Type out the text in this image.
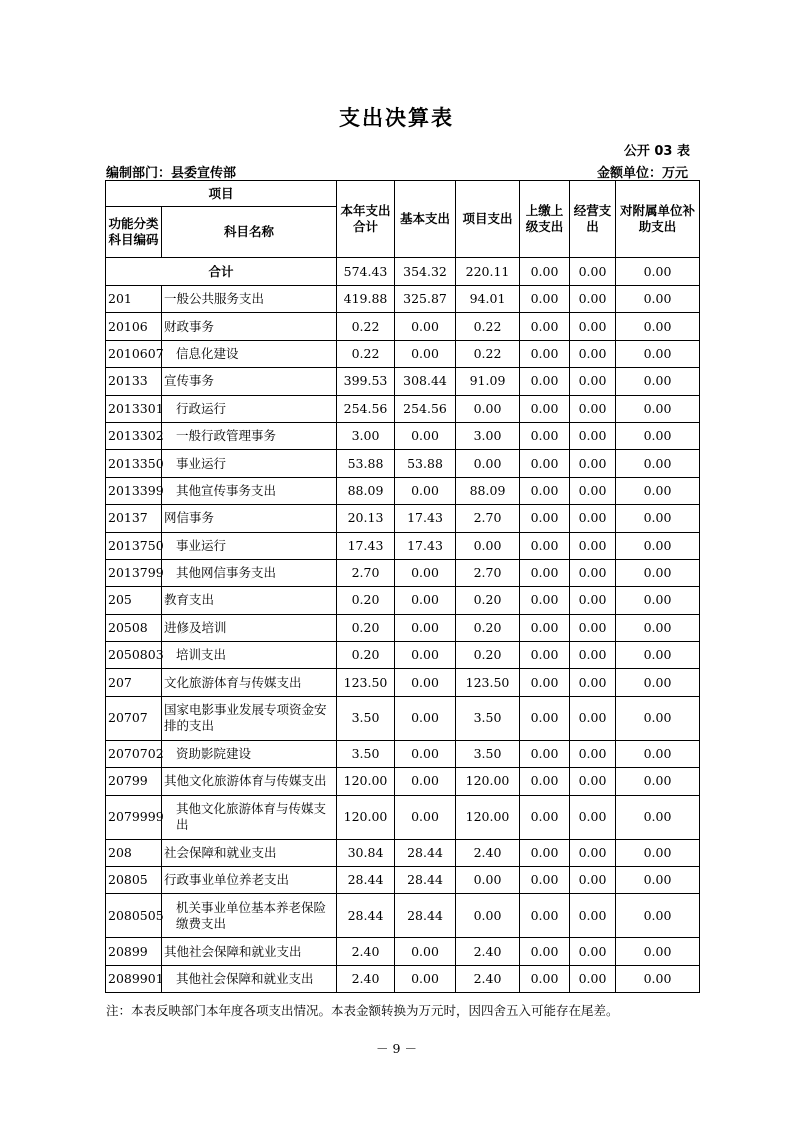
支出决算表
公开 03 表
编制部门：县委宣传部	金额单位：万元
项目		本年支出合计	基本支出	项目支出	上缴上级支出	经营支出	对附属单位补助支出
功能分类科目编码	科目名称						
合计		574.43	354.32	220.11	0.00	0.00	0.00
201	一般公共服务支出	419.88	325.87	94.01	0.00	0.00	0.00
20106	财政事务	0.22	0.00	0.22	0.00	0.00	0.00
2010607	信息化建设	0.22	0.00	0.22	0.00	0.00	0.00
20133	宣传事务	399.53	308.44	91.09	0.00	0.00	0.00
2013301	行政运行	254.56	254.56	0.00	0.00	0.00	0.00
2013302	一般行政管理事务	3.00	0.00	3.00	0.00	0.00	0.00
2013350	事业运行	53.88	53.88	0.00	0.00	0.00	0.00
2013399	其他宣传事务支出	88.09	0.00	88.09	0.00	0.00	0.00
20137	网信事务	20.13	17.43	2.70	0.00	0.00	0.00
2013750	事业运行	17.43	17.43	0.00	0.00	0.00	0.00
2013799	其他网信事务支出	2.70	0.00	2.70	0.00	0.00	0.00
205	教育支出	0.20	0.00	0.20	0.00	0.00	0.00
20508	进修及培训	0.20	0.00	0.20	0.00	0.00	0.00
2050803	培训支出	0.20	0.00	0.20	0.00	0.00	0.00
207	文化旅游体育与传媒支出	123.50	0.00	123.50	0.00	0.00	0.00
20707	国家电影事业发展专项资金安排的支出	3.50	0.00	3.50	0.00	0.00	0.00
2070702	资助影院建设	3.50	0.00	3.50	0.00	0.00	0.00
20799	其他文化旅游体育与传媒支出	120.00	0.00	120.00	0.00	0.00	0.00
2079999	其他文化旅游体育与传媒支出	120.00	0.00	120.00	0.00	0.00	0.00
208	社会保障和就业支出	30.84	28.44	2.40	0.00	0.00	0.00
20805	行政事业单位养老支出	28.44	28.44	0.00	0.00	0.00	0.00
2080505	机关事业单位基本养老保险缴费支出	28.44	28.44	0.00	0.00	0.00	0.00
20899	其他社会保障和就业支出	2.40	0.00	2.40	0.00	0.00	0.00
2089901	其他社会保障和就业支出	2.40	0.00	2.40	0.00	0.00	0.00
注：本表反映部门本年度各项支出情况。本表金额转换为万元时，因四舍五入可能存在尾差。
－ 9 －
